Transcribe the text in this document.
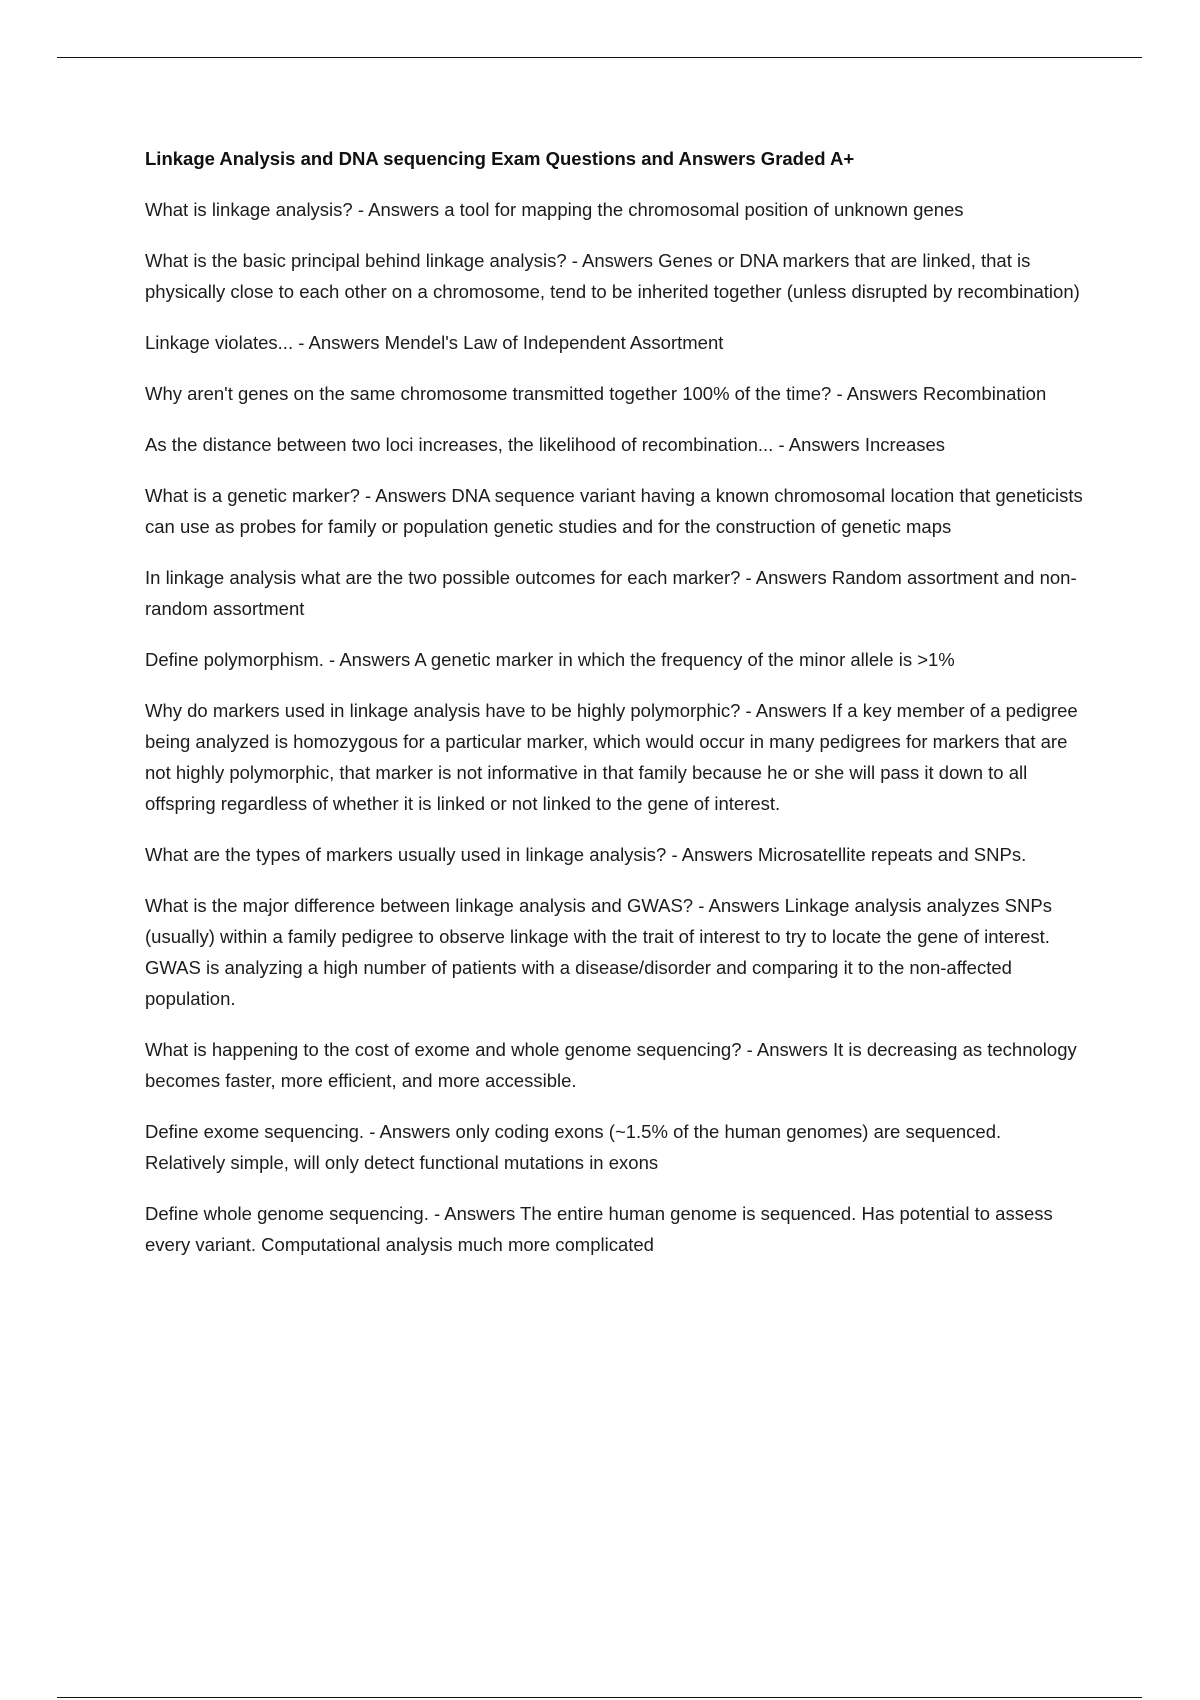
Linkage Analysis and DNA sequencing Exam Questions and Answers Graded A+

What is linkage analysis? - Answers a tool for mapping the chromosomal position of unknown genes

What is the basic principal behind linkage analysis? - Answers Genes or DNA markers that are linked, that is physically close to each other on a chromosome, tend to be inherited together (unless disrupted by recombination)

Linkage violates... - Answers Mendel's Law of Independent Assortment

Why aren't genes on the same chromosome transmitted together 100% of the time? - Answers Recombination

As the distance between two loci increases, the likelihood of recombination... - Answers Increases

What is a genetic marker? - Answers DNA sequence variant having a known chromosomal location that geneticists can use as probes for family or population genetic studies and for the construction of genetic maps

In linkage analysis what are the two possible outcomes for each marker? - Answers Random assortment and non-random assortment

Define polymorphism. - Answers A genetic marker in which the frequency of the minor allele is >1%

Why do markers used in linkage analysis have to be highly polymorphic? - Answers If a key member of a pedigree being analyzed is homozygous for a particular marker, which would occur in many pedigrees for markers that are not highly polymorphic, that marker is not informative in that family because he or she will pass it down to all offspring regardless of whether it is linked or not linked to the gene of interest.

What are the types of markers usually used in linkage analysis? - Answers Microsatellite repeats and SNPs.

What is the major difference between linkage analysis and GWAS? - Answers Linkage analysis analyzes SNPs (usually) within a family pedigree to observe linkage with the trait of interest to try to locate the gene of interest. GWAS is analyzing a high number of patients with a disease/disorder and comparing it to the non-affected population.

What is happening to the cost of exome and whole genome sequencing? - Answers It is decreasing as technology becomes faster, more efficient, and more accessible.

Define exome sequencing. - Answers only coding exons (~1.5% of the human genomes) are sequenced. Relatively simple, will only detect functional mutations in exons

Define whole genome sequencing. - Answers The entire human genome is sequenced. Has potential to assess every variant. Computational analysis much more complicated
